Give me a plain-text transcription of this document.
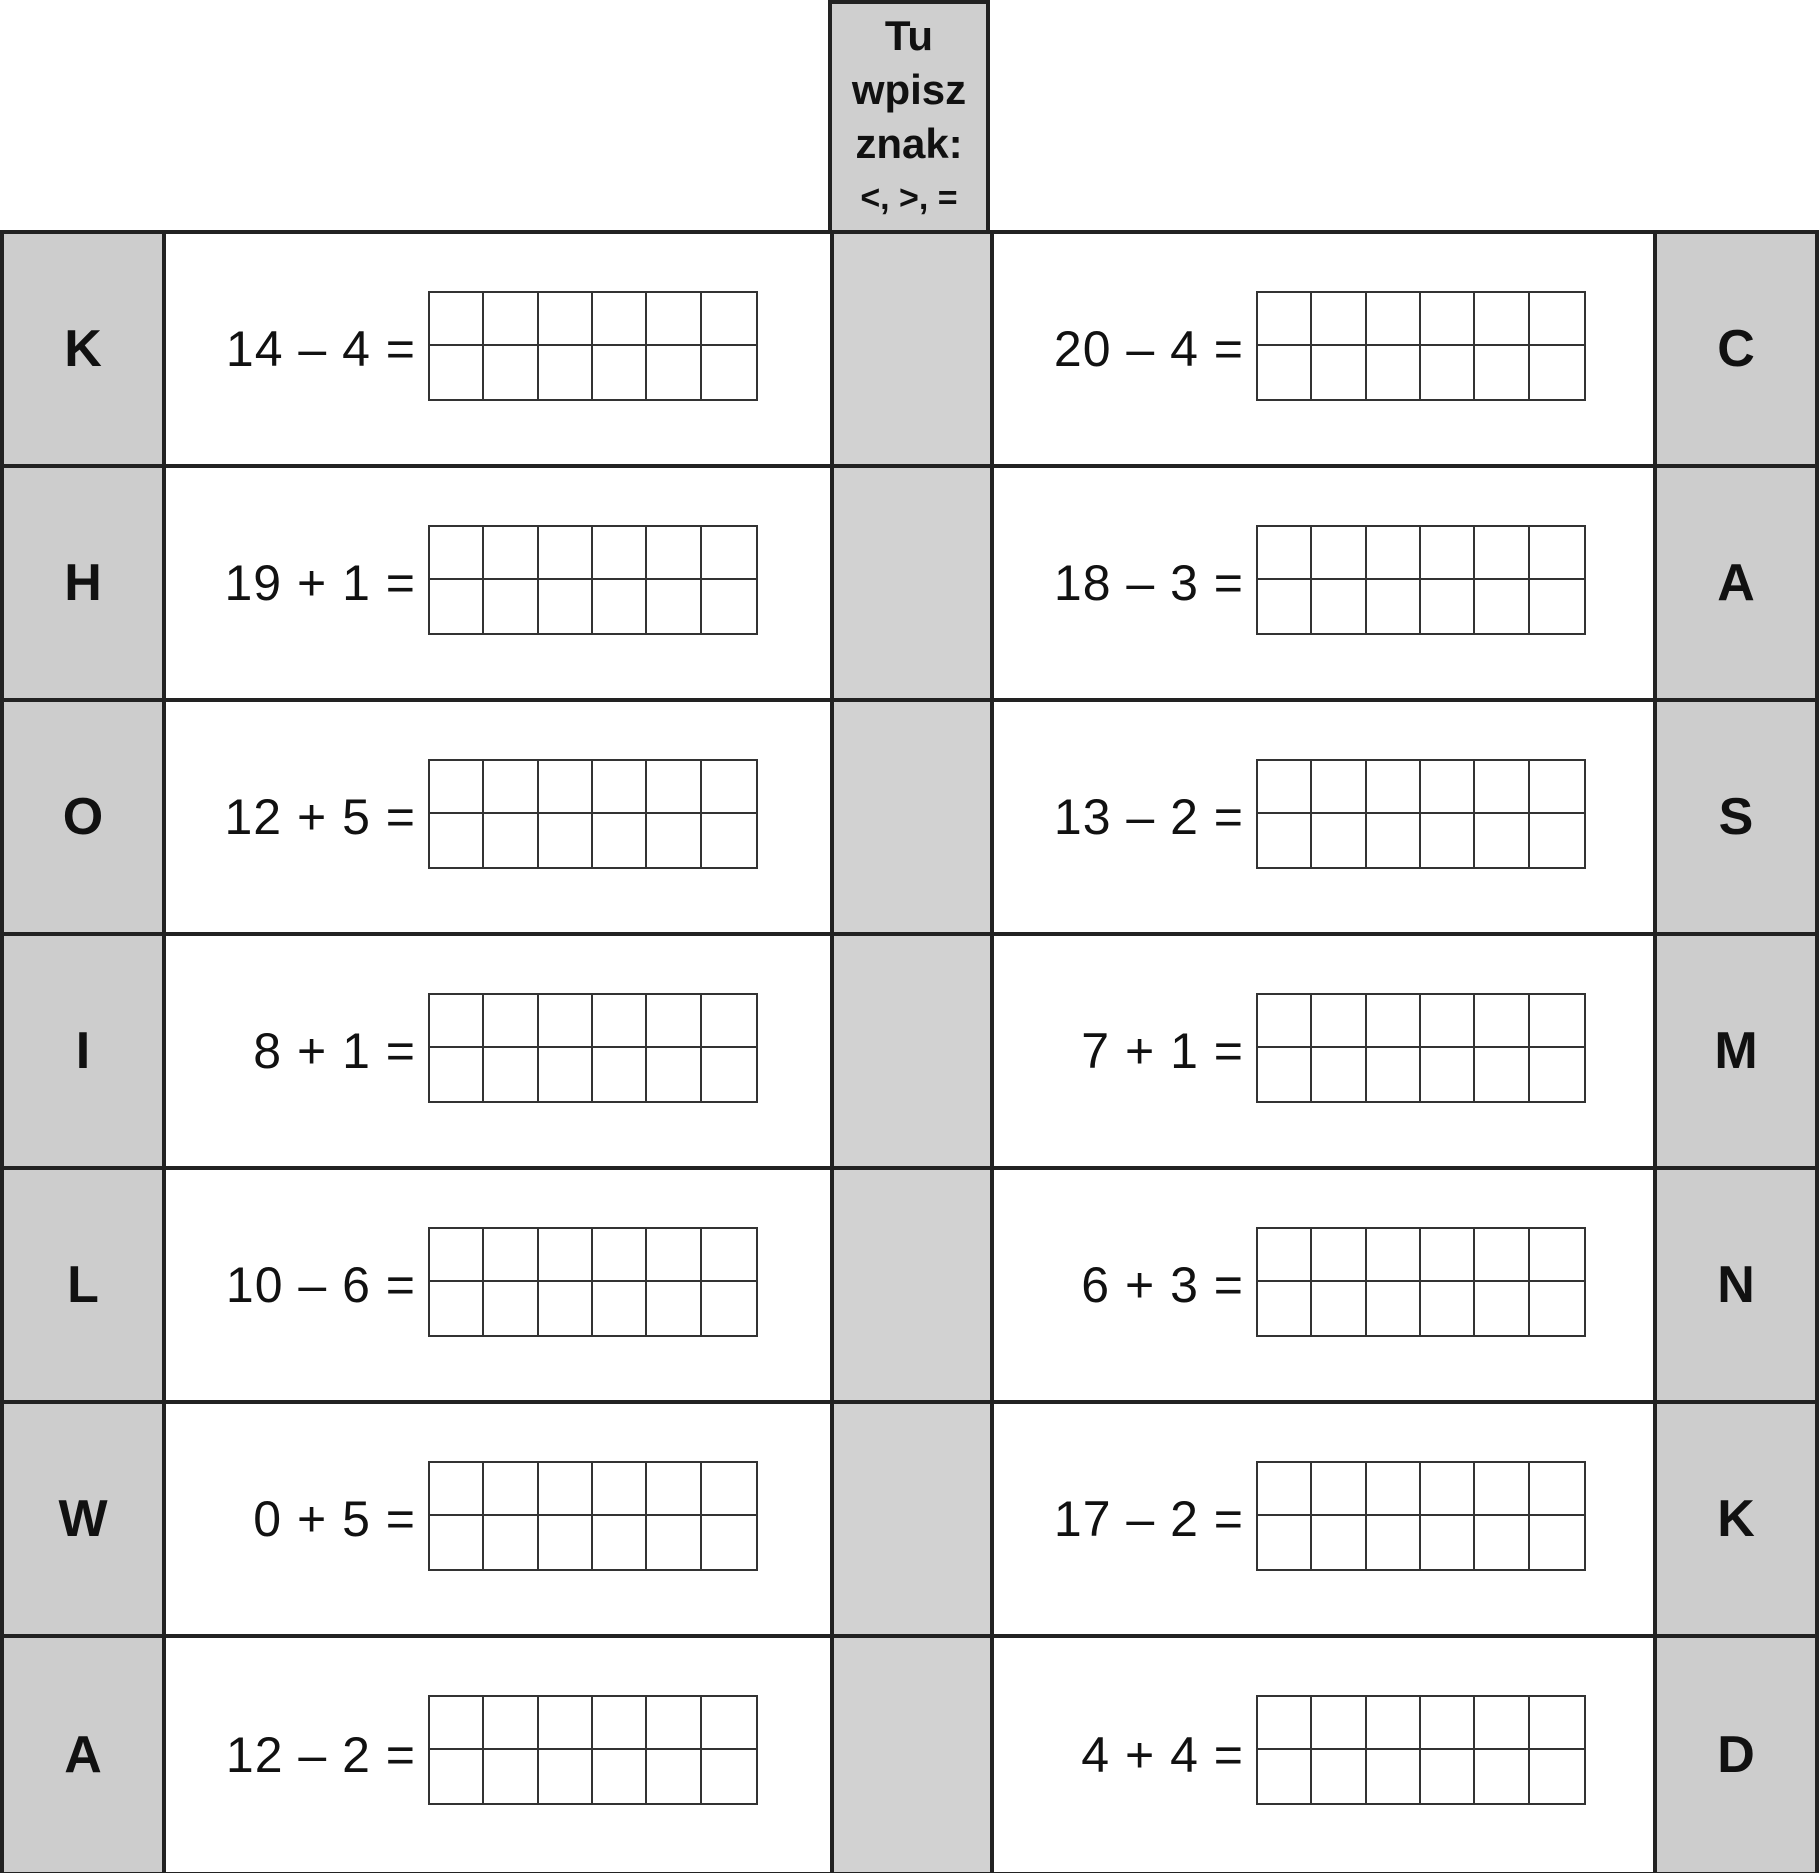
Tu
wpisz
znak:
<, >, =
K	14 – 4 =	20 – 4 =	C
H	19 + 1 =	18 – 3 =	A
O	12 + 5 =	13 – 2 =	S
I	8 + 1 =	7 + 1 =	M
L	10 – 6 =	6 + 3 =	N
W	0 + 5 =	17 – 2 =	K
A	12 – 2 =	4 + 4 =	D
